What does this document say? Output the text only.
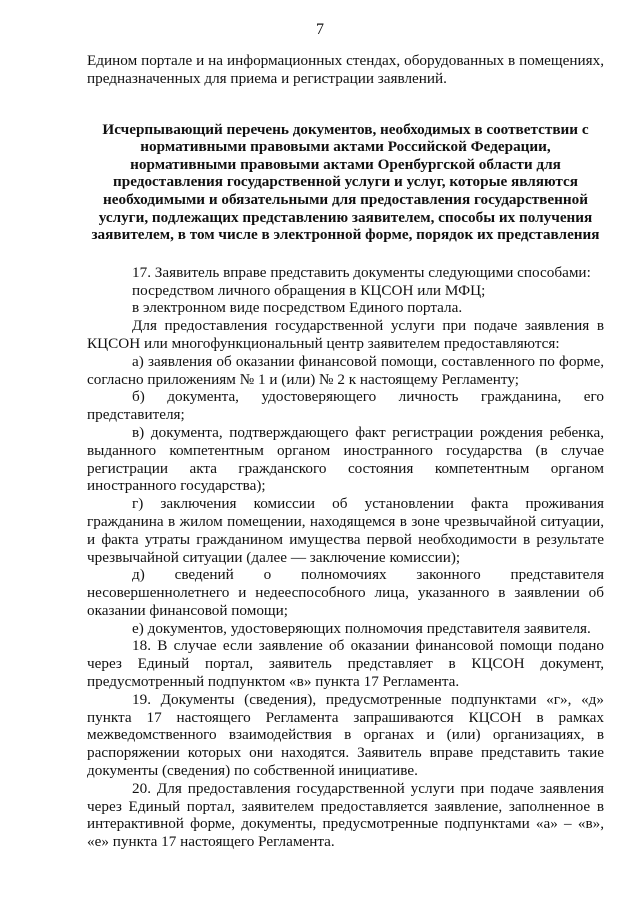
7

Едином портале и на информационных стендах, оборудованных в помещениях, предназначенных для приема и регистрации заявлений.

Исчерпывающий перечень документов, необходимых в соответствии с нормативными правовыми актами Российской Федерации, нормативными правовыми актами Оренбургской области для предоставления государственной услуги и услуг, которые являются необходимыми и обязательными для предоставления государственной услуги, подлежащих представлению заявителем, способы их получения заявителем, в том числе в электронной форме, порядок их представления

17. Заявитель вправе представить документы следующими способами:

посредством личного обращения в КЦСОН или МФЦ;

в электронном виде посредством Единого портала.

Для предоставления государственной услуги при подаче заявления в КЦСОН или многофункциональный центр заявителем предоставляются:

а) заявления об оказании финансовой помощи, составленного по форме, согласно приложениям № 1 и (или) № 2 к настоящему Регламенту;

б) документа, удостоверяющего личность гражданина, его представителя;

в) документа, подтверждающего факт регистрации рождения ребенка, выданного компетентным органом иностранного государства (в случае регистрации акта гражданского состояния компетентным органом иностранного государства);

г) заключения комиссии об установлении факта проживания гражданина в жилом помещении, находящемся в зоне чрезвычайной ситуации, и факта утраты гражданином имущества первой необходимости в результате чрезвычайной ситуации (далее — заключение комиссии);

д) сведений о полномочиях законного представителя несовершеннолетнего и недееспособного лица, указанного в заявлении об оказании финансовой помощи;

е) документов, удостоверяющих полномочия представителя заявителя.

18. В случае если заявление об оказании финансовой помощи подано через Единый портал, заявитель представляет в КЦСОН документ, предусмотренный подпунктом «в» пункта 17 Регламента.

19. Документы (сведения), предусмотренные подпунктами «г», «д» пункта 17 настоящего Регламента запрашиваются КЦСОН в рамках межведомственного взаимодействия в органах и (или) организациях, в распоряжении которых они находятся. Заявитель вправе представить такие документы (сведения) по собственной инициативе.

20. Для предоставления государственной услуги при подаче заявления через Единый портал, заявителем предоставляется заявление, заполненное в интерактивной форме, документы, предусмотренные подпунктами «а» – «в», «е» пункта 17 настоящего Регламента.
